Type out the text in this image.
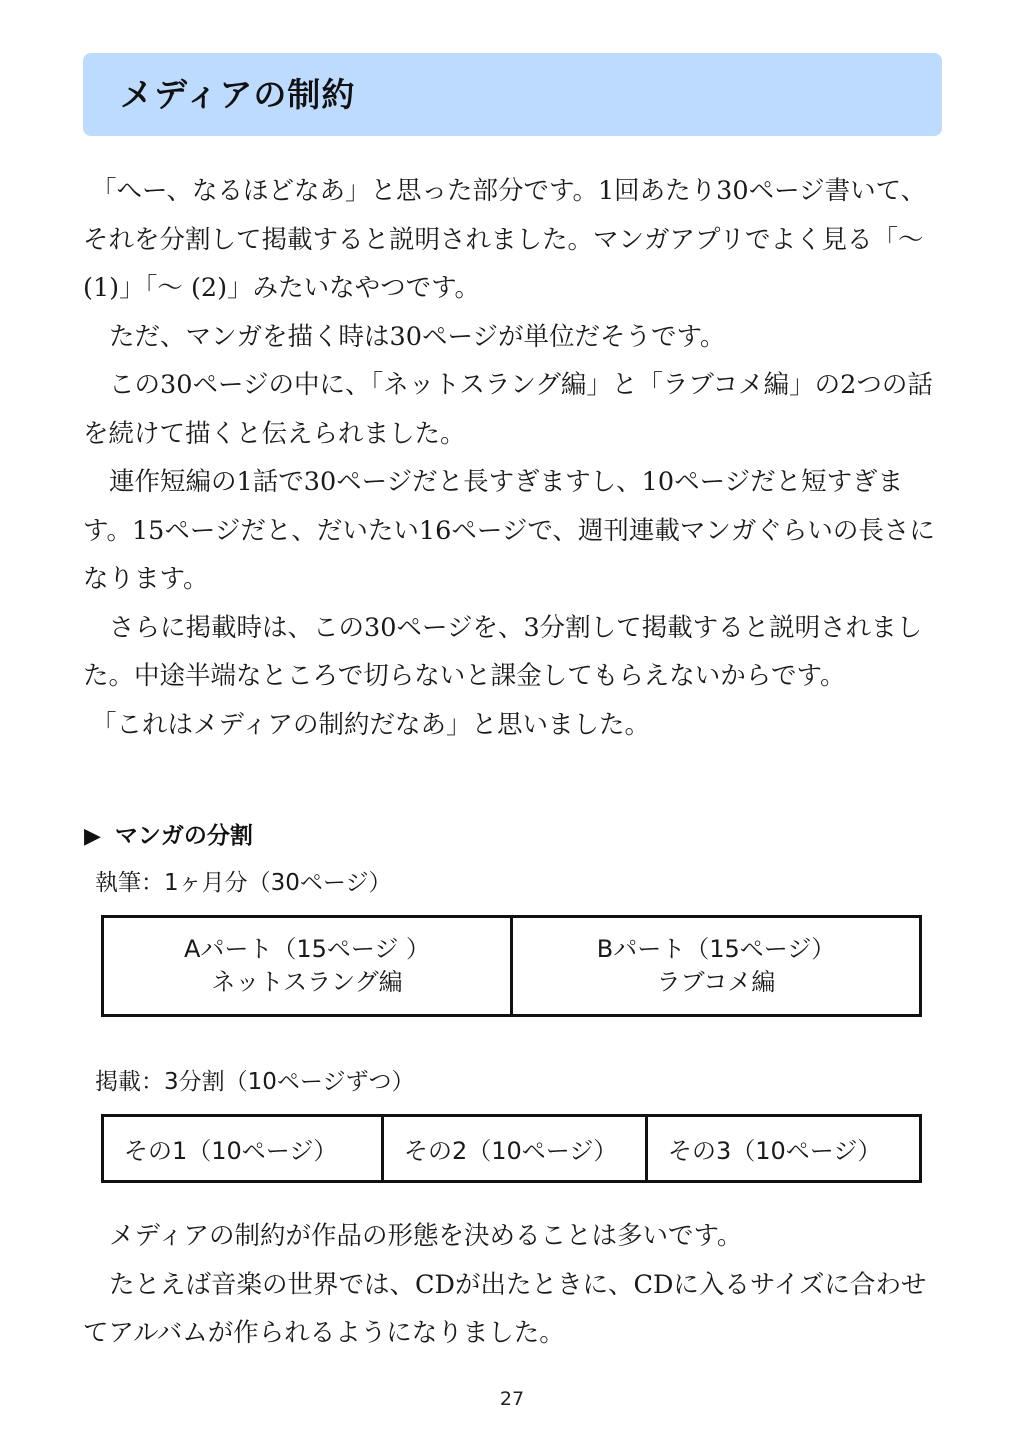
メディアの制約

「へー、なるほどなあ」と思った部分です。1回あたり30ページ書いて、それを分割して掲載すると説明されました。マンガアプリでよく見る「〜 (1)」「〜 (2)」みたいなやつです。

ただ、マンガを描く時は30ページが単位だそうです。

この30ページの中に、「ネットスラング編」と「ラブコメ編」の2つの話を続けて描くと伝えられました。

連作短編の1話で30ページだと長すぎますし、10ページだと短すぎます。15ページだと、だいたい16ページで、週刊連載マンガぐらいの長さになります。

さらに掲載時は、この30ページを、3分割して掲載すると説明されました。中途半端なところで切らないと課金してもらえないからです。

「これはメディアの制約だなあ」と思いました。

▶ マンガの分割
執筆：1ヶ月分（30ページ）
Aパート（15ページ ）
ネットスラング編
Bパート（15ページ）
ラブコメ編
掲載：3分割（10ページずつ）
その1（10ページ）	その2（10ページ）	その3（10ページ）

メディアの制約が作品の形態を決めることは多いです。

たとえば音楽の世界では、CDが出たときに、CDに入るサイズに合わせてアルバムが作られるようになりました。

27
